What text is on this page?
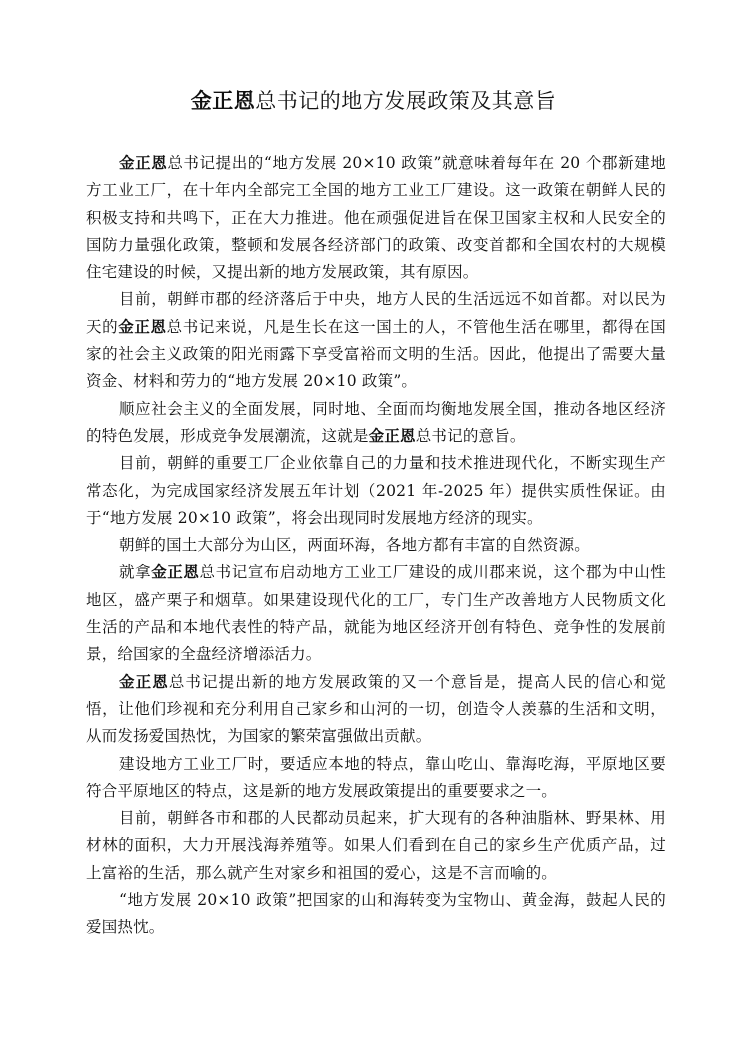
金正恩总书记的地方发展政策及其意旨

金正恩总书记提出的“地方发展 20×10 政策”就意味着每年在 20 个郡新建地方工业工厂，在十年内全部完工全国的地方工业工厂建设。这一政策在朝鲜人民的积极支持和共鸣下，正在大力推进。他在顽强促进旨在保卫国家主权和人民安全的国防力量强化政策，整顿和发展各经济部门的政策、改变首都和全国农村的大规模住宅建设的时候，又提出新的地方发展政策，其有原因。

目前，朝鲜市郡的经济落后于中央，地方人民的生活远远不如首都。对以民为天的金正恩总书记来说，凡是生长在这一国土的人，不管他生活在哪里，都得在国家的社会主义政策的阳光雨露下享受富裕而文明的生活。因此，他提出了需要大量资金、材料和劳力的“地方发展 20×10 政策”。

顺应社会主义的全面发展，同时地、全面而均衡地发展全国，推动各地区经济的特色发展，形成竞争发展潮流，这就是金正恩总书记的意旨。

目前，朝鲜的重要工厂企业依靠自己的力量和技术推进现代化，不断实现生产常态化，为完成国家经济发展五年计划（2021 年-2025 年）提供实质性保证。由于“地方发展 20×10 政策”，将会出现同时发展地方经济的现实。

朝鲜的国土大部分为山区，两面环海，各地方都有丰富的自然资源。

就拿金正恩总书记宣布启动地方工业工厂建设的成川郡来说，这个郡为中山性地区，盛产栗子和烟草。如果建设现代化的工厂，专门生产改善地方人民物质文化生活的产品和本地代表性的特产品，就能为地区经济开创有特色、竞争性的发展前景，给国家的全盘经济增添活力。

金正恩总书记提出新的地方发展政策的又一个意旨是，提高人民的信心和觉悟，让他们珍视和充分利用自己家乡和山河的一切，创造令人羡慕的生活和文明，从而发扬爱国热忱，为国家的繁荣富强做出贡献。

建设地方工业工厂时，要适应本地的特点，靠山吃山、靠海吃海，平原地区要符合平原地区的特点，这是新的地方发展政策提出的重要要求之一。

目前，朝鲜各市和郡的人民都动员起来，扩大现有的各种油脂林、野果林、用材林的面积，大力开展浅海养殖等。如果人们看到在自己的家乡生产优质产品，过上富裕的生活，那么就产生对家乡和祖国的爱心，这是不言而喻的。

“地方发展 20×10 政策”把国家的山和海转变为宝物山、黄金海，鼓起人民的爱国热忱。
